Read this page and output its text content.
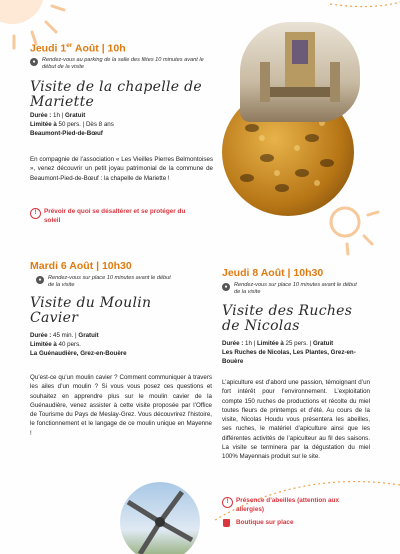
Jeudi 1er Août | 10h
●	Rendez-vous au parking de la salle des fêtes 10 minutes avant le début de la visite
Visite de la chapelle de Mariette
Durée : 1h | Gratuit
Limitée à 50 pers. | Dès 8 ans
Beaumont-Pied-de-Bœuf
En compagnie de l’association « Les Vieilles Pierres Belmontoises », venez découvrir un petit joyau patrimonial de la commune de Beaumont-Pied-de-Bœuf : la chapelle de Mariette !
!	Prévoir de quoi se désaltérer et se protéger du soleil
Mardi 6 Août | 10h30
●	Rendez-vous sur place 10 minutes avant le début de la visite
Visite du Moulin Cavier
Durée : 45 min. | Gratuit
Limitée à 40 pers.
La Guénaudière, Grez-en-Bouère
Qu’est-ce qu’un moulin cavier ? Comment communiquer à travers les ailes d’un moulin ? Si vous vous posez ces questions et souhaitez en apprendre plus sur le moulin cavier de la Guénaudière, venez assister à cette visite proposée par l’Office de Tourisme du Pays de Meslay-Grez. Vous découvrirez l’histoire, le fonctionnement et le langage de ce moulin unique en Mayenne !
Jeudi 8 Août | 10h30
●	Rendez-vous sur place 10 minutes avant le début de la visite
Visite des Ruches de Nicolas
Durée : 1h | Limitée à 25 pers. | Gratuit
Les Ruches de Nicolas, Les Plantes, Grez-en-Bouère
L’apiculture est d’abord une passion, témoignant d’un fort intérêt pour l’environnement. L’exploitation compte 150 ruches de productions et récolte du miel toutes fleurs de printemps et d’été. Au cours de la visite, Nicolas Houdu vous présentera les abeilles, ses ruches, le matériel d’apiculture ainsi que les différentes activités de l’apiculteur au fil des saisons. La visite se terminera par la dégustation du miel 100% Mayennais produit sur le site.
!	Présence d’abeilles (attention aux allergies)
Boutique sur place
